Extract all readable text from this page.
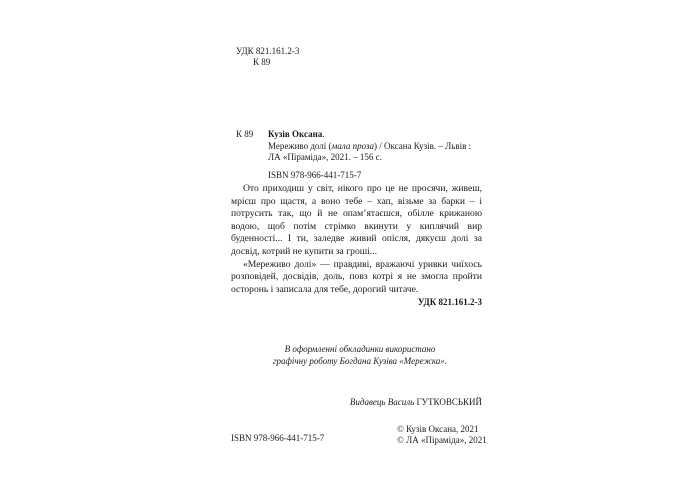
УДК 821.161.2-3
К 89
К 89 Кузів Оксана.
Мереживо долі (мала проза) / Оксана Кузів. – Львів :
ЛА «Піраміда», 2021. – 156 с.
ISBN 978-966-441-715-7

Ото приходиш у світ, нікого про це не просячи, живеш, мрієш про щастя, а воно тебе – хап, візьме за барки – і потрусить так, що й не опам’ятаєшся, обілле крижаною водою, щоб потім стрімко вкинути у киплячий вир буденності... І ти, заледве живий опісля, дякуєш долі за досвід, котрий не купити за гроші...

«Мереживо долі» — правдиві, вражаючі уривки чиїхось розповідей, досвідів, доль, повз котрі я не змогла пройти осторонь і записала для тебе, дорогий читаче.

УДК 821.161.2-3
В оформленні обкладинки використано
графічну роботу Богдана Кузіва «Мережка».
Видавець Василь ГУТКОВСЬКИЙ
ISBN 978-966-441-715-7
© Кузів Оксана, 2021
© ЛА «Піраміда», 2021
